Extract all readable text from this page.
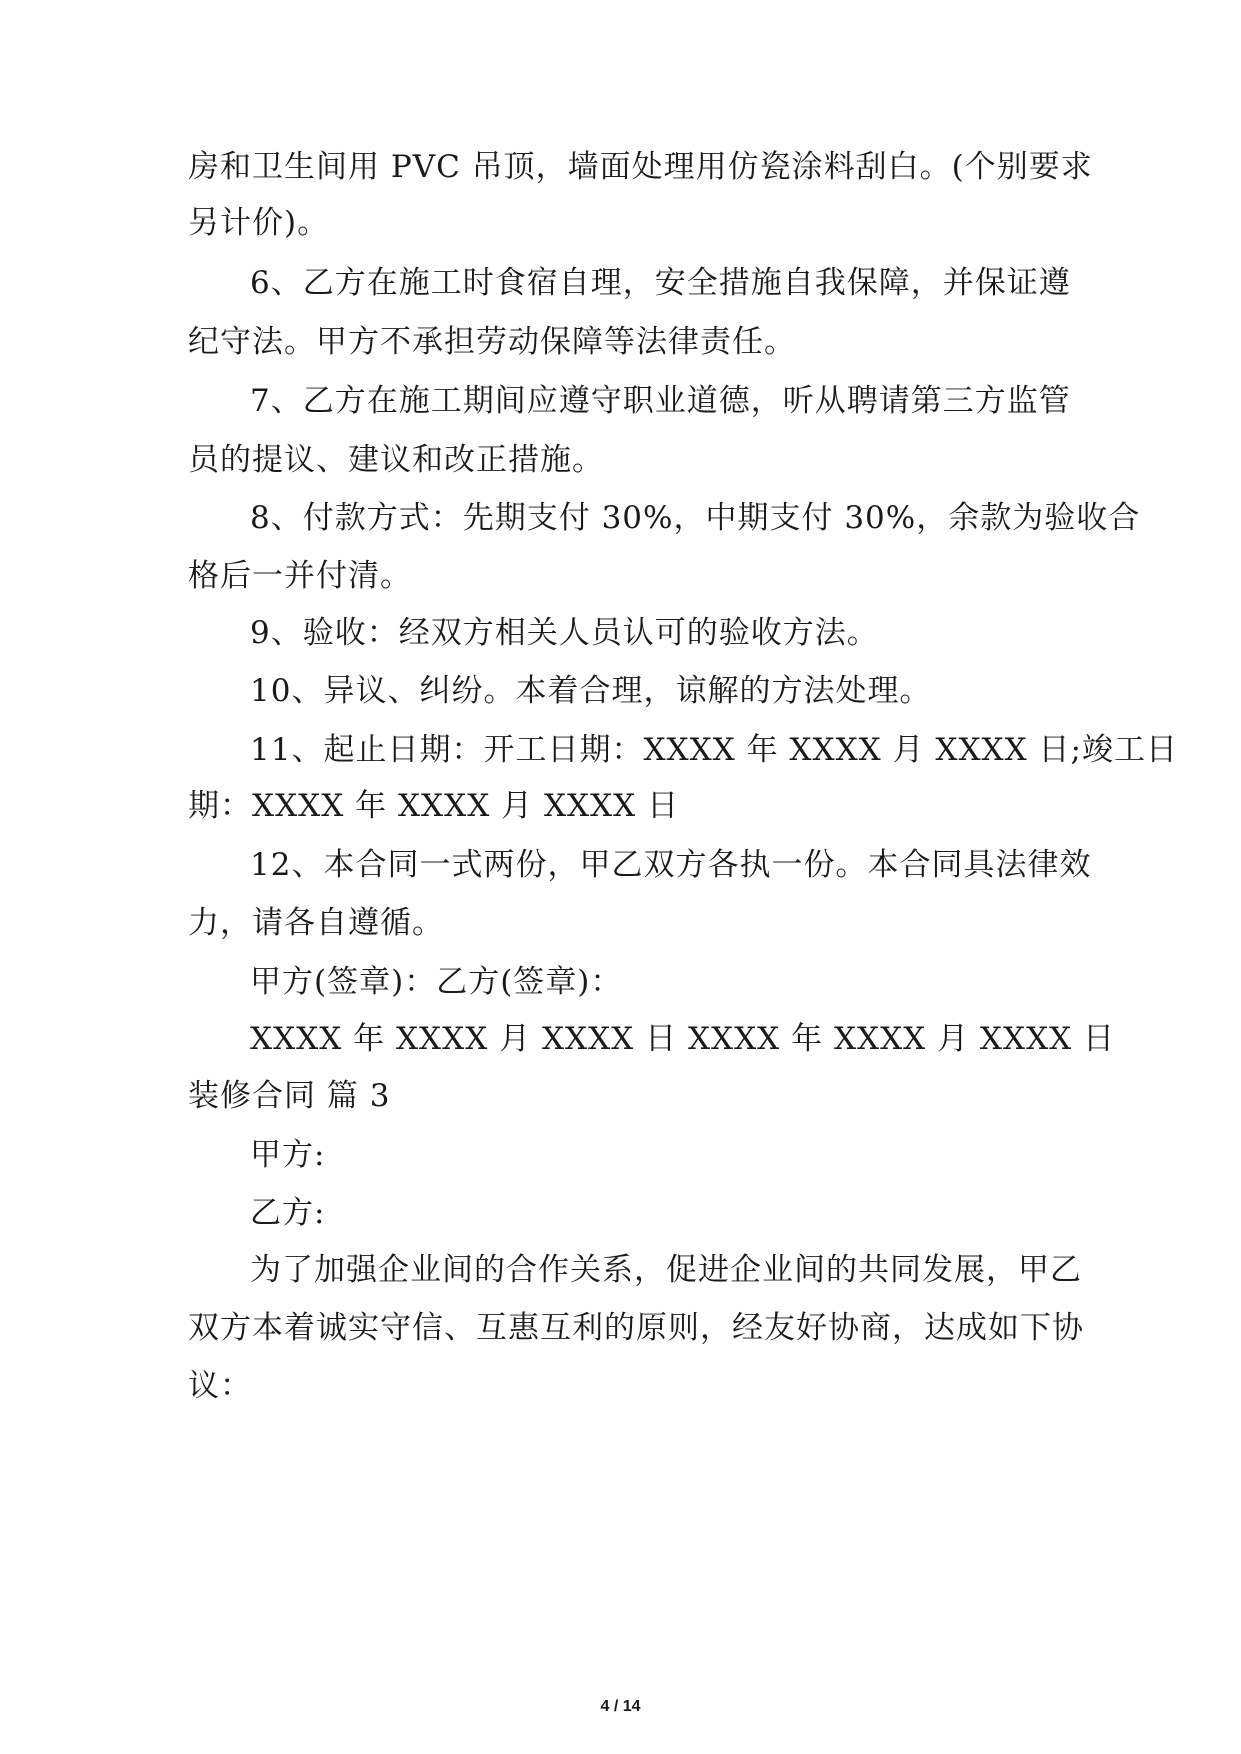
房和卫生间用 PVC 吊顶，墙面处理用仿瓷涂料刮白。(个别要求
另计价)。
6、乙方在施工时食宿自理，安全措施自我保障，并保证遵
纪守法。甲方不承担劳动保障等法律责任。
7、乙方在施工期间应遵守职业道德，听从聘请第三方监管
员的提议、建议和改正措施。
8、付款方式：先期支付 30%，中期支付 30%，余款为验收合
格后一并付清。
9、验收：经双方相关人员认可的验收方法。
10、异议、纠纷。本着合理，谅解的方法处理。
11、起止日期：开工日期：XXXX 年 XXXX 月 XXXX 日;竣工日
期：XXXX 年 XXXX 月 XXXX 日
12、本合同一式两份，甲乙双方各执一份。本合同具法律效
力，请各自遵循。
甲方(签章)：乙方(签章)：
XXXX 年 XXXX 月 XXXX 日 XXXX 年 XXXX 月 XXXX 日
装修合同 篇 3
甲方:
乙方:
为了加强企业间的合作关系，促进企业间的共同发展，甲乙
双方本着诚实守信、互惠互利的原则，经友好协商，达成如下协
议：
4 / 14
